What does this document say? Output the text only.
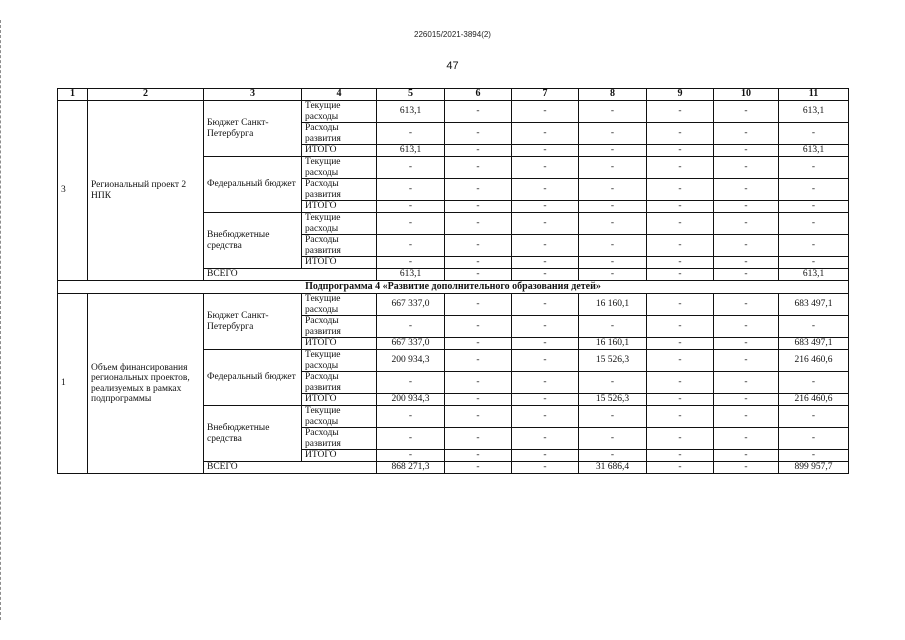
226015/2021-3894(2)
47
1	2	3	4	5	6	7	8	9	10	11
3	Региональный проект 2 НПК	Бюджет Санкт-Петербурга	Текущие расходы	613,1	-	-	-	-	-	613,1
			Расходы развития	-	-	-	-	-	-	-
			ИТОГО	613,1	-	-	-	-	-	613,1
		Федеральный бюджет	Текущие расходы	-	-	-	-	-	-	-
			Расходы развития	-	-	-	-	-	-	-
			ИТОГО	-	-	-	-	-	-	-
		Внебюджетные средства	Текущие расходы	-	-	-	-	-	-	-
			Расходы развития	-	-	-	-	-	-	-
			ИТОГО	-	-	-	-	-	-	-
		ВСЕГО		613,1	-	-	-	-	-	613,1
Подпрограмма 4 «Развитие дополнительного образования детей»										
1	Объем финансирования региональных проектов, реализуемых в рамках подпрограммы	Бюджет Санкт-Петербурга	Текущие расходы	667 337,0	-	-	16 160,1	-	-	683 497,1
			Расходы развития	-	-	-	-	-	-	-
			ИТОГО	667 337,0	-	-	16 160,1	-	-	683 497,1
		Федеральный бюджет	Текущие расходы	200 934,3	-	-	15 526,3	-	-	216 460,6
			Расходы развития	-	-	-	-	-	-	-
			ИТОГО	200 934,3	-	-	15 526,3	-	-	216 460,6
		Внебюджетные средства	Текущие расходы	-	-	-	-	-	-	-
			Расходы развития	-	-	-	-	-	-	-
			ИТОГО	-	-	-	-	-	-	-
		ВСЕГО		868 271,3	-	-	31 686,4	-	-	899 957,7
